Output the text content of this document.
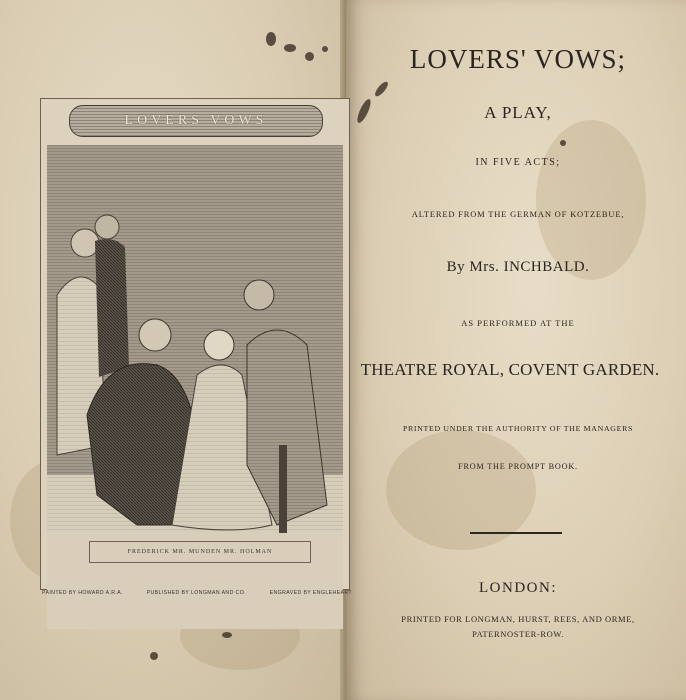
LOVERS VOWS
FREDERICK MR. MUNDEN MR. HOLMAN
PAINTED BY HOWARD A.R.A.	PUBLISHED BY LONGMAN AND CO.	ENGRAVED BY ENGLEHEART
LOVERS' VOWS;
A PLAY,
IN FIVE ACTS;
ALTERED FROM THE GERMAN OF KOTZEBUE,
By Mrs. INCHBALD.
AS PERFORMED AT THE
THEATRE ROYAL, COVENT GARDEN.
PRINTED UNDER THE AUTHORITY OF THE MANAGERS
FROM THE PROMPT BOOK.
LONDON:
PRINTED FOR LONGMAN, HURST, REES, AND ORME,
PATERNOSTER-ROW.
